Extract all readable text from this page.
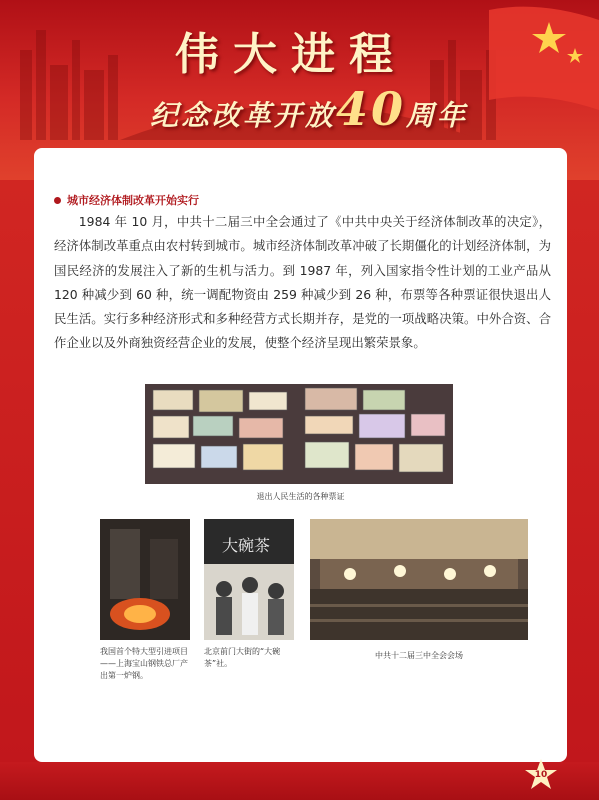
伟大进程
纪念改革开放40周年
城市经济体制改革开始实行
1984 年 10 月，中共十二届三中全会通过了《中共中央关于经济体制改革的决定》，经济体制改革重点由农村转到城市。城市经济体制改革冲破了长期僵化的计划经济体制，为国民经济的发展注入了新的生机与活力。到 1987 年，列入国家指令性计划的工业产品从 120 种减少到 60 种，统一调配物资由 259 种减少到 26 种，布票等各种票证很快退出人民生活。实行多种经济形式和多种经营方式长期并存，是党的一项战略决策。中外合资、合作企业以及外商独资经营企业的发展，使整个经济呈现出繁荣景象。
退出人民生活的各种票证
我国首个特大型引进项目——上海宝山钢铁总厂产出第一炉钢。
大碗茶
北京前门大街的“大碗茶”社。
中共十二届三中全会会场
10
